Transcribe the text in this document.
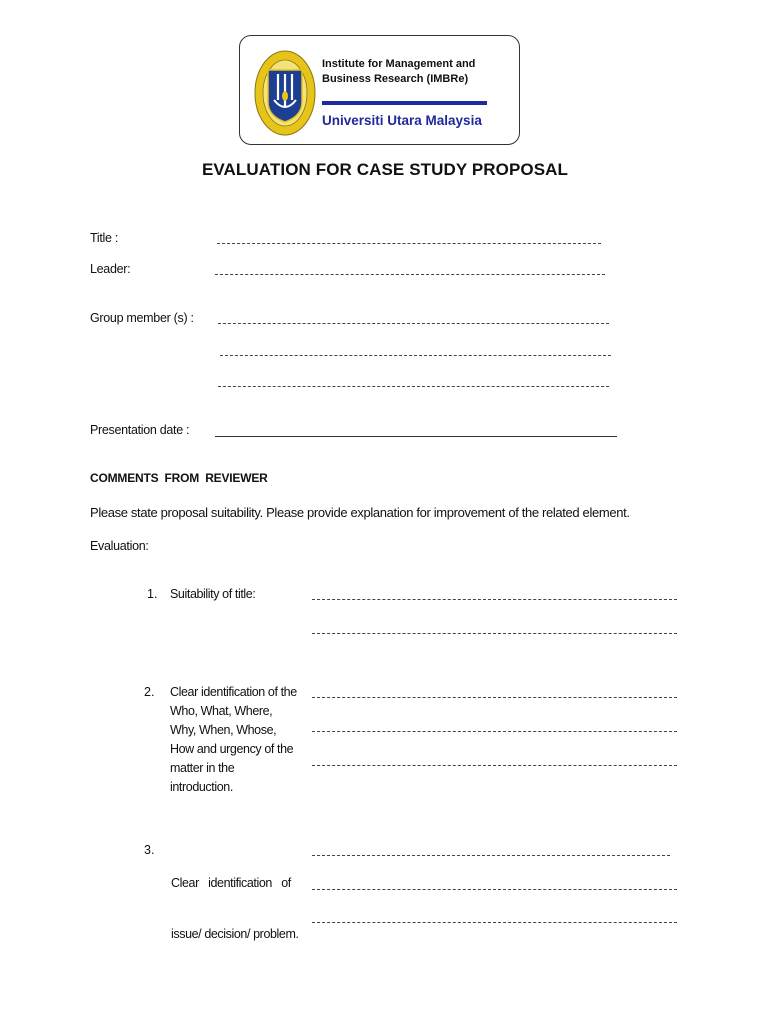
Institute for Management and
Business Research (IMBRe)
Universiti Utara Malaysia
EVALUATION FOR CASE STUDY PROPOSAL
Title :
Leader:
Group member (s) :
Presentation date :
COMMENTS FROM REVIEWER
Please state proposal suitability. Please provide explanation for improvement of the related element.
Evaluation:
1. Suitability of title:
2. Clear identification of the
Who, What, Where,
Why, When, Whose,
How and urgency of the
matter in the
introduction.
3.

Clear   identification   of

issue/ decision/ problem.
